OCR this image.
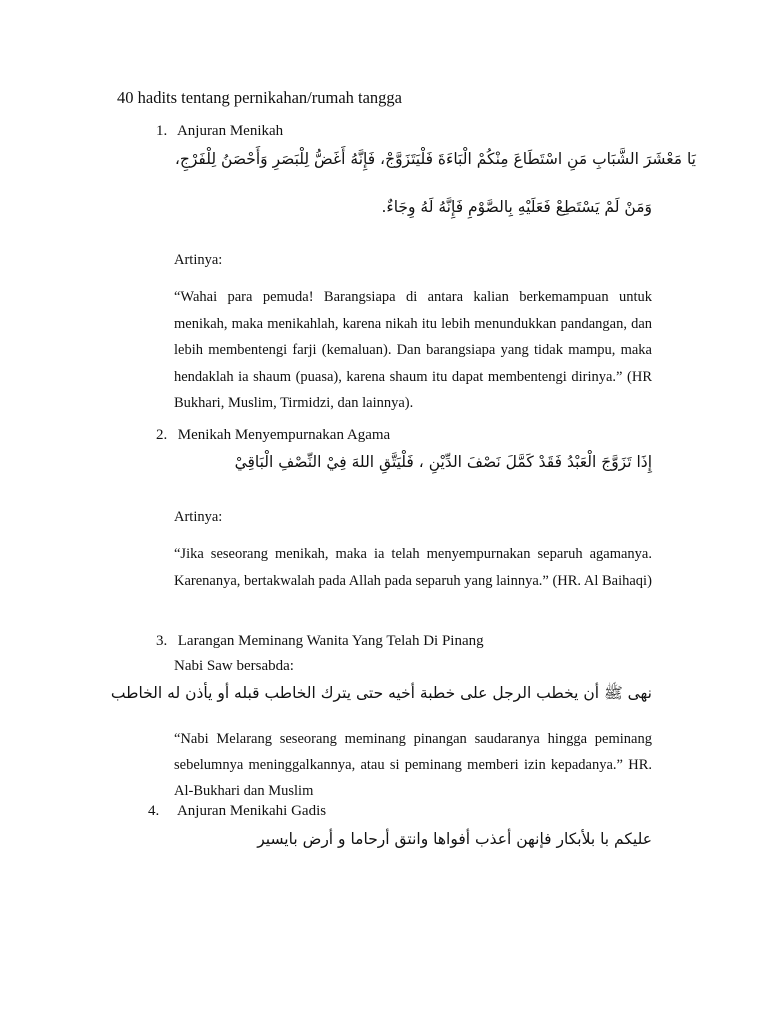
40 hadits tentang pernikahan/rumah tangga
1. Anjuran Menikah
يَا مَعْشَرَ الشَّبَابِ مَنِ اسْتَطَاعَ مِنْكُمْ الْبَاءَةَ فَلْيَتَزَوَّجْ، فَإِنَّهُ أَغَضُّ لِلْبَصَرِ وَأَحْصَنُ لِلْفَرْجِ،
وَمَنْ لَمْ يَسْتَطِعْ فَعَلَيْهِ بِالصَّوْمِ فَإِنَّهُ لَهُ وِجَاءٌ.
Artinya:
“Wahai para pemuda! Barangsiapa di antara kalian berkemampuan untuk menikah, maka menikahlah, karena nikah itu lebih menundukkan pandangan, dan lebih membentengi farji (kemaluan). Dan barangsiapa yang tidak mampu, maka hendaklah ia shaum (puasa), karena shaum itu dapat membentengi dirinya.” (HR Bukhari, Muslim, Tirmidzi, dan lainnya).
2. Menikah Menyempurnakan Agama
إِذَا تَزَوَّجَ الْعَبْدُ فَقَدْ كَمَّلَ نَصْفَ الدِّيْنِ ، فَلْيَتَّقِ اللهَ فِيْ النِّصْفِ الْبَاقِيْ
Artinya:
“Jika seseorang menikah, maka ia telah menyempurnakan separuh agamanya. Karenanya, bertakwalah pada Allah pada separuh yang lainnya.” (HR. Al Baihaqi)
3. Larangan Meminang Wanita Yang Telah Di Pinang
Nabi Saw bersabda:
نهى ﷺ أن يخطب الرجل على خطبة أخيه حتى يترك الخاطب قبله أو يأذن له الخاطب
“Nabi Melarang seseorang meminang pinangan saudaranya hingga peminang sebelumnya meninggalkannya, atau si peminang memberi izin kepadanya.” HR. Al-Bukhari dan Muslim
4. Anjuran Menikahi Gadis
عليكم با بلأبكار فإنهن أعذب أفواها وانتق أرحاما و أرض بايسير
